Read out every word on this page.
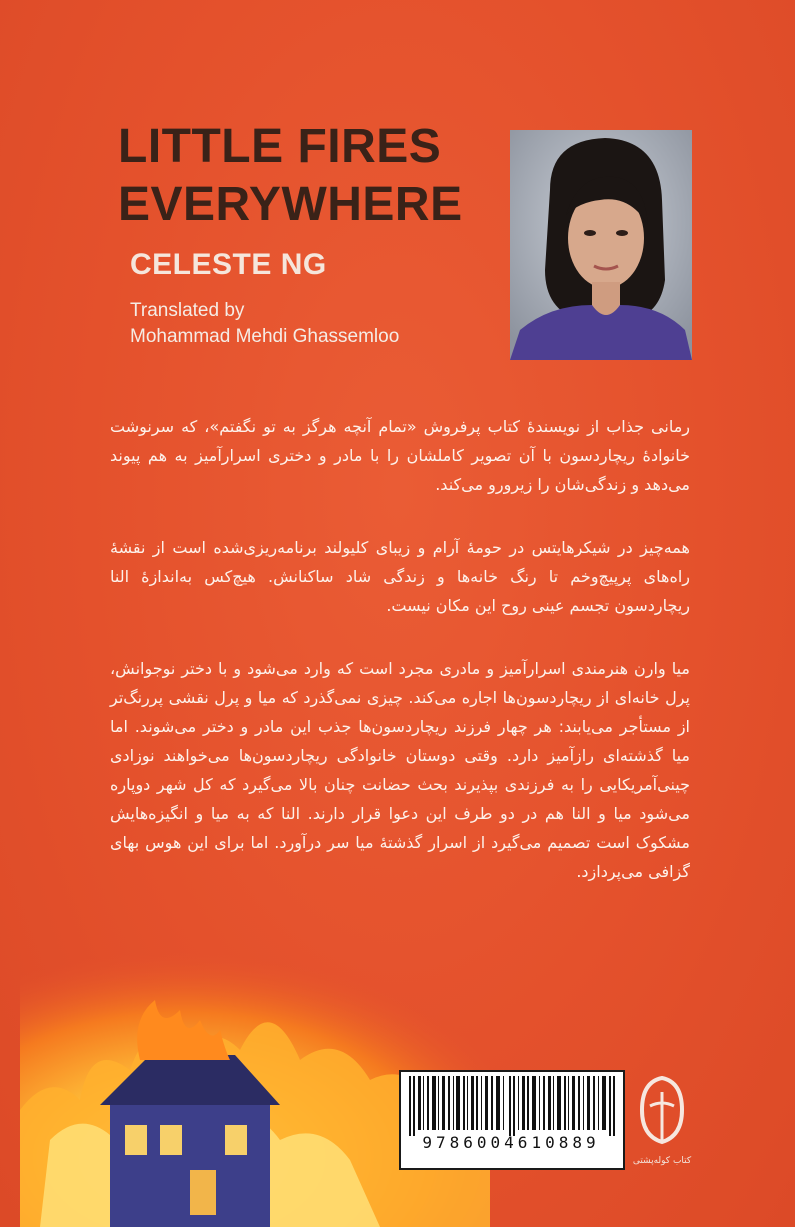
LITTLE FIRES
EVERYWHERE
CELESTE NG
Translated by
Mohammad Mehdi Ghassemloo

رمانی جذاب از نویسندۀ کتاب پرفروش «تمام آنچه هرگز به تو نگفتم»، که سرنوشت خانوادۀ ریچاردسون با آن تصویر کاملشان را با مادر و دختری اسرارآمیز به هم پیوند می‌دهد و زندگی‌شان را زیرورو می‌کند.

همه‌چیز در شیکرهایتس در حومۀ آرام و زیبای کلیولند برنامه‌ریزی‌شده است از نقشۀ راه‌های پرپیچ‌وخم تا رنگ خانه‌ها و زندگی شاد ساکنانش. هیچ‌کس به‌اندازۀ النا ریچاردسون تجسم عینی روح این مکان نیست.

میا وارن هنرمندی اسرارآمیز و مادری مجرد است که وارد می‌شود و با دختر نوجوانش، پرل خانه‌ای از ریچاردسون‌ها اجاره می‌کند. چیزی نمی‌گذرد که میا و پرل نقشی پررنگ‌تر از مستأجر می‌یابند: هر چهار فرزند ریچاردسون‌ها جذب این مادر و دختر می‌شوند. اما میا گذشته‌ای رازآمیز دارد. وقتی دوستان خانوادگی ریچاردسون‌ها می‌خواهند نوزادی چینی‌آمریکایی را به فرزندی بپذیرند بحث حضانت چنان بالا می‌گیرد که کل شهر دوپاره می‌شود میا و النا هم در دو طرف این دعوا قرار دارند. النا که به میا و انگیزه‌هایش مشکوک است تصمیم می‌گیرد از اسرار گذشتۀ میا سر درآورد. اما برای این هوس بهای گزافی می‌پردازد.

9786004610889
کتاب کوله‌پشتی
